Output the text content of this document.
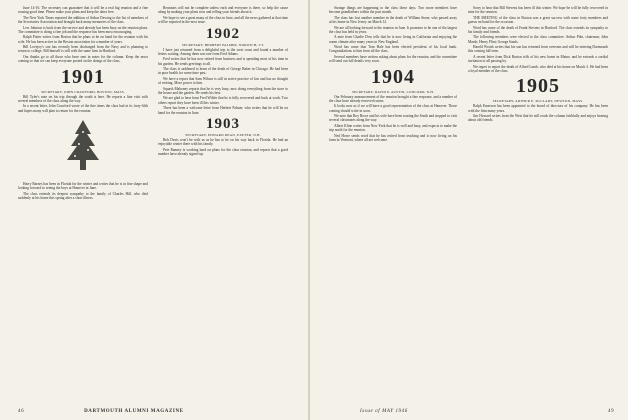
June 14-16. The secretary can guarantee that it will be a real big reunion and a fine rousing good time. Please make your plans and keep the dates free.

The New York Times reported the addition of Arthur Dewing to the list of members of the Secretaries Association and brought back many memories of the class.

Lew Johnson is back from the service and already has been busy on the reunion plans. The committee is doing a fine job and the response has been most encouraging.

Ralph Potter writes from Boston that he plans to be on hand for the reunion with his wife. He has been active in the Boston association for a number of years.

Bill Lovejoy's son has recently been discharged from the Navy and is planning to return to college. Bill himself is still with the same firm in Hartford.

Our thanks go to all those who have sent in notes for the column. Keep the news coming so that we can keep everyone posted on the doings of the class.

1901
SECRETARY, JOHN CRAWFORD, BOSTON, MASS.

Bill Tyler's note on his trip through the south is here. He reports a fine visit with several members of the class along the way.

In a recent letter, John Crawford wrote of the fine times the class had at its forty-fifth and hopes many will plan to return for the reunion.

Harry Barnes has been in Florida for the winter and writes that he is in fine shape and looking forward to seeing the boys at Hanover in June.

The class extends its deepest sympathy to the family of Charles Hill, who died suddenly at his home this spring after a short illness.

Reunions will not be complete unless each and everyone is there, so help the cause along by making your plans now and telling your friends about it.

We hope to see a great many of the class in June, and all the news gathered at that time will be reported in the next issue.

1902
SECRETARY, HERBERT PALMER, NORWICH, VT.

I have just returned from a delightful trip to the west coast and found a number of letters waiting. Among them was one from Fred Adams.

Fred writes that he has now retired from business and is spending most of his time in his garden. He sends greetings to all.

The class is saddened to learn of the death of George Baker in Chicago. He had been in poor health for some time past.

We have a report that Sam Wilson is still in active practice of law and has no thought of retiring. More power to him.

Squash Mahoney reports that he is very busy, now doing everything from the store to the house and the garden. He sends his best.

We are glad to hear from Fred Wilder that he is fully recovered and back at work. Two others report they have been ill this winter.

There has been a welcome letter from Herbert Palmer, who writes that he will be on hand for the reunion in June.

1903
SECRETARY, EDWARD DEAN, EXETER, N.H.

Bob Davis won't be with us as he has to be on his way back to Florida. He had an enjoyable winter there with his family.

Pete Ranney is working hard on plans for the class reunion, and reports that a good number have already signed up.

Strange things are happening to the class these days. Two more members have become grandfathers within the past month.

The class has lost another member in the death of William Stone, who passed away at his home in New Jersey on March 12.

We are all looking forward to the reunion in June. It promises to be one of the largest the class has held in years.

A note from Charlie Dow tells that he is now living in California and enjoying the warm climate after many years in New England.

Word has come that Tom Hale has been elected president of his local bank. Congratulations to him from all the class.

Several members have written asking about plans for the reunion, and the committee will send out full details very soon.

1904
SECRETARY, DAVID P. AUSTIN, CONCORD, N.H.

Our February announcement of the reunion brought a fine response, and a number of the class have already reserved rooms.

It looks now as if we will have a good representation of the class at Hanover. Those coming should write in soon.

We note that Roy Rowe and his wife have been touring the South and stopped to visit several classmates along the way.

Albert Kline writes from New York that he is well and busy, and expects to make the trip north for the reunion.

Ned Howe sends word that he has retired from teaching and is now living on his farm in Vermont, where all are welcome.

Sorry to hear that Bill Stevens has been ill this winter. We hope he will be fully recovered in time for the reunion.

THE MEETING of the class in Boston was a great success with some forty members and guests on hand for the occasion.

Word has come of the death of Frank Stevens in Hartford. The class extends its sympathy to his family and friends.

The following members were elected to the class committee: Arthur Pike, chairman; John Marsh; Henry Flint; George Sands.

Harold Woods writes that his son has returned from overseas and will be entering Dartmouth this coming fall term.

A recent letter from Dick Burton tells of his new home in Maine, and he extends a cordial invitation to all passing by.

We regret to report the death of Alfred Lamb, who died at his home on March 3. He had been a loyal member of the class.

1905
SECRETARY, ARTHUR E. McCLARY, NEWTON, MASS.

Ralph Emerson has been appointed to the board of directors of his company. He has been with the firm many years.

Jim Howard writes from the West that he still reads the column faithfully and enjoys hearing about old friends.

46	DARTMOUTH ALUMNI MAGAZINE	Issue of MAY 1946	49
